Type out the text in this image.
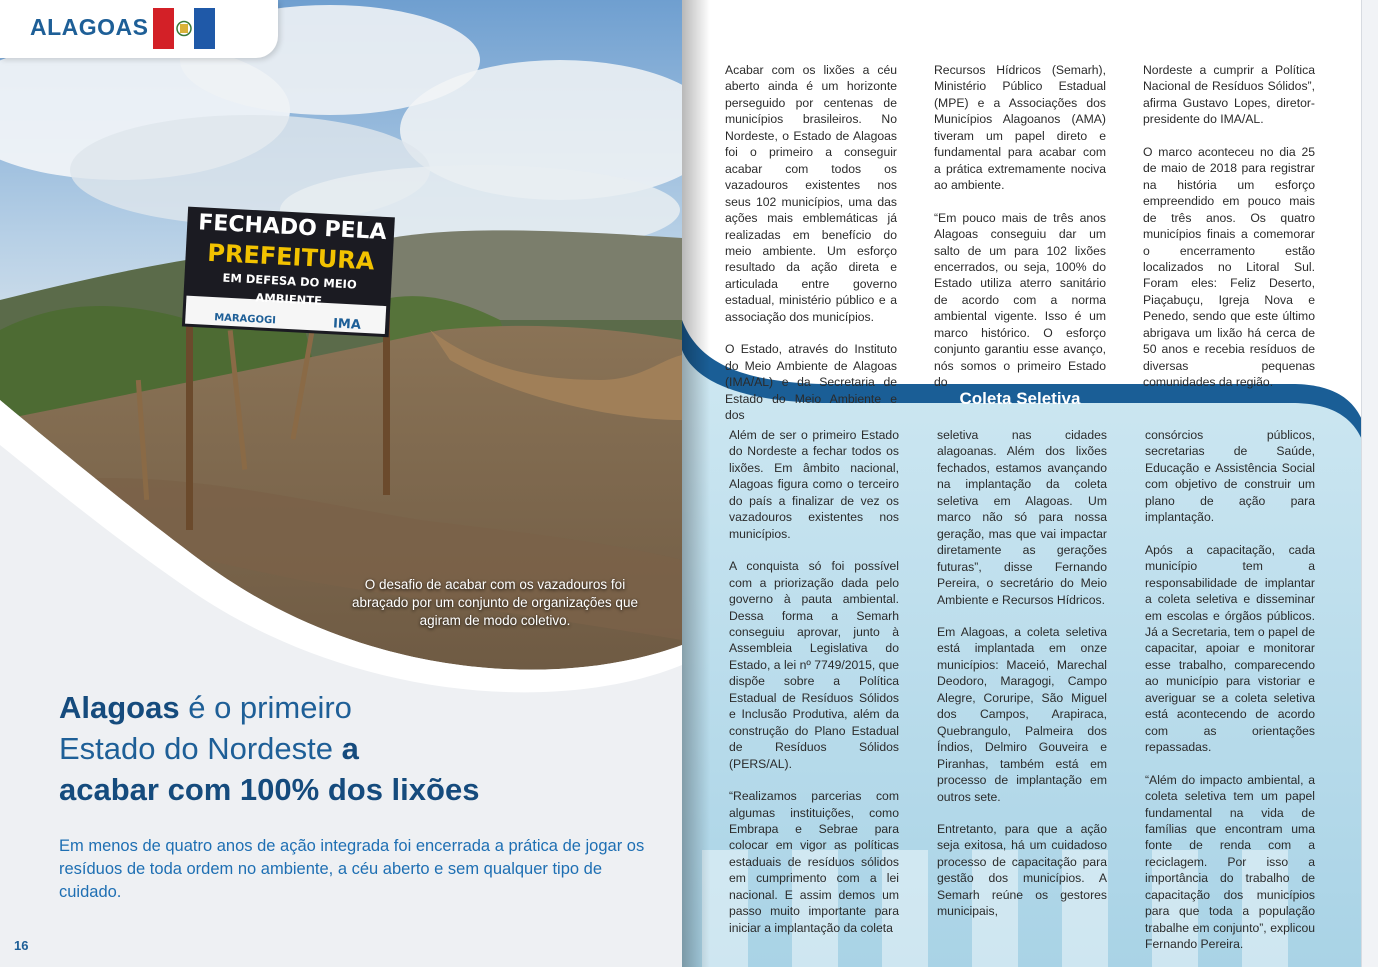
FECHADO PELA
PREFEITURA
EM DEFESA DO MEIO AMBIENTE
MARAGOGI	IMA
ALAGOAS
O desafio de acabar com os vazadouros foi abraçado por um conjunto de organizações que agiram de modo coletivo.
Alagoas é o primeiro
Estado do Nordeste a
acabar com 100% dos lixões
Em menos de quatro anos de ação integrada foi encerrada a prática de jogar os resíduos de toda ordem no ambiente, a céu aberto e sem qualquer tipo de cuidado.
16

Acabar com os lixões a céu aberto ainda é um horizonte perseguido por centenas de municípios brasileiros. No Nordeste, o Estado de Alagoas foi o primeiro a conseguir acabar com todos os vazadouros existentes nos seus 102 municípios, uma das ações mais emblemáticas já realizadas em benefício do meio ambiente. Um esforço resultado da ação direta e articulada entre governo estadual, ministério público e a associação dos municípios.

O Estado, através do Instituto do Meio Ambiente de Alagoas (IMA/AL) e da Secretaria de Estado do Meio Ambiente e dos

Recursos Hídricos (Semarh), Ministério Público Estadual (MPE) e a Associações dos Municípios Alagoanos (AMA) tiveram um papel direto e fundamental para acabar com a prática extremamente nociva ao ambiente.

“Em pouco mais de três anos Alagoas conseguiu dar um salto de um para 102 lixões encerrados, ou seja, 100% do Estado utiliza aterro sanitário de acordo com a norma ambiental vigente. Isso é um marco histórico. O esforço conjunto garantiu esse avanço, nós somos o primeiro Estado do

Nordeste a cumprir a Política Nacional de Resíduos Sólidos”, afirma Gustavo Lopes, diretor-presidente do IMA/AL.

O marco aconteceu no dia 25 de maio de 2018 para registrar na história um esforço empreendido em pouco mais de três anos. Os quatro municípios finais a comemorar o encerramento estão localizados no Litoral Sul. Foram eles: Feliz Deserto, Piaçabuçu, Igreja Nova e Penedo, sendo que este último abrigava um lixão há cerca de 50 anos e recebia resíduos de diversas pequenas comunidades da região.

Coleta Seletiva

Além de ser o primeiro Estado do Nordeste a fechar todos os lixões. Em âmbito nacional, Alagoas figura como o terceiro do país a finalizar de vez os vazadouros existentes nos municípios.

A conquista só foi possível com a priorização dada pelo governo à pauta ambiental. Dessa forma a Semarh conseguiu aprovar, junto à Assembleia Legislativa do Estado, a lei nº 7749/2015, que dispõe sobre a Política Estadual de Resíduos Sólidos e Inclusão Produtiva, além da construção do Plano Estadual de Resíduos Sólidos (PERS/AL).

“Realizamos parcerias com algumas instituições, como Embrapa e Sebrae para colocar em vigor as políticas estaduais de resíduos sólidos em cumprimento com a lei nacional. E assim demos um passo muito importante para iniciar a implantação da coleta

seletiva nas cidades alagoanas. Além dos lixões fechados, estamos avançando na implantação da coleta seletiva em Alagoas. Um marco não só para nossa geração, mas que vai impactar diretamente as gerações futuras”, disse Fernando Pereira, o secretário do Meio Ambiente e Recursos Hídricos.

Em Alagoas, a coleta seletiva está implantada em onze municípios: Maceió, Marechal Deodoro, Maragogi, Campo Alegre, Coruripe, São Miguel dos Campos, Arapiraca, Quebrangulo, Palmeira dos Índios, Delmiro Gouveira e Piranhas, também está em processo de implantação em outros sete.

Entretanto, para que a ação seja exitosa, há um cuidadoso processo de capacitação para gestão dos municípios. A Semarh reúne os gestores municipais,

consórcios públicos, secretarias de Saúde, Educação e Assistência Social com objetivo de construir um plano de ação para implantação.

Após a capacitação, cada município tem a responsabilidade de implantar a coleta seletiva e disseminar em escolas e órgãos públicos. Já a Secretaria, tem o papel de capacitar, apoiar e monitorar esse trabalho, comparecendo ao município para vistoriar e averiguar se a coleta seletiva está acontecendo de acordo com as orientações repassadas.

“Além do impacto ambiental, a coleta seletiva tem um papel fundamental na vida de famílias que encontram uma fonte de renda com a reciclagem. Por isso a importância do trabalho de capacitação dos municípios para que toda a população trabalhe em conjunto”, explicou Fernando Pereira.
